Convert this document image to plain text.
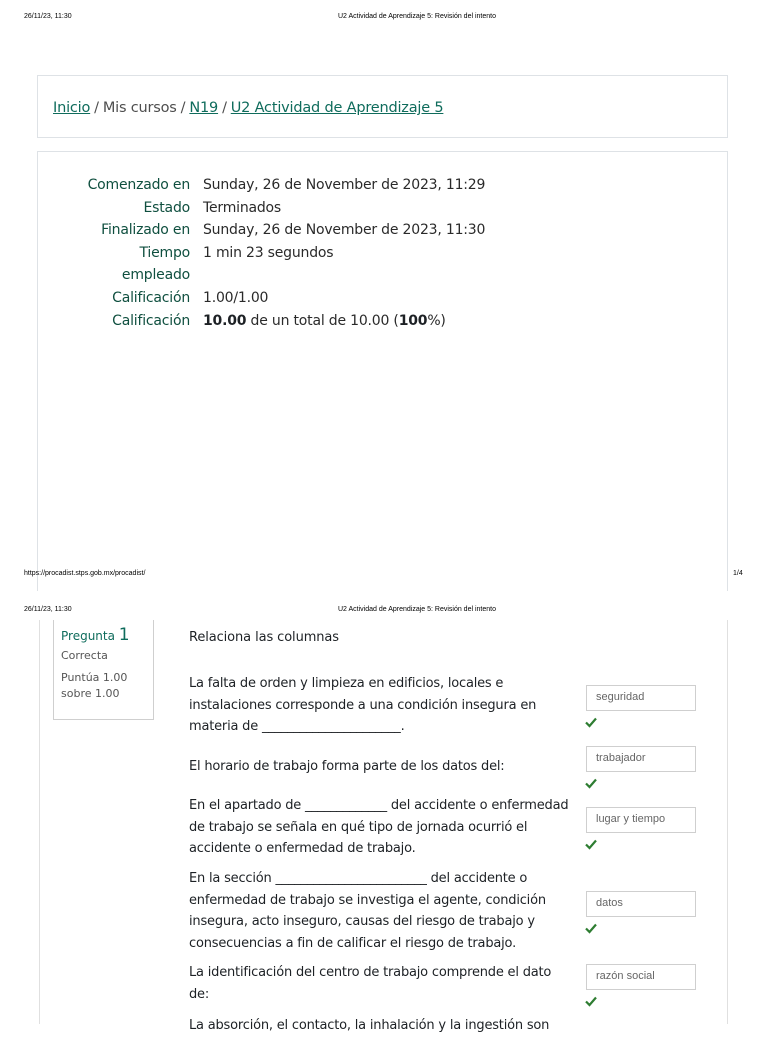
26/11/23, 11:30	U2 Actividad de Aprendizaje 5: Revisión del intento
Inicio / Mis cursos / N19 / U2 Actividad de Aprendizaje 5
Comenzado en Sunday, 26 de November de 2023, 11:29
Estado Terminados
Finalizado en Sunday, 26 de November de 2023, 11:30
Tiempo
empleado
1 min 23 segundos
Calificación 1.00/1.00
Calificación 10.00 de un total de 10.00 (100%)
https://procadist.stps.gob.mx/procadist/	1/4
26/11/23, 11:30	U2 Actividad de Aprendizaje 5: Revisión del intento
Pregunta 1
Correcta
Puntúa 1.00 sobre 1.00
Relaciona las columnas
La falta de orden y limpieza en edificios, locales e instalaciones corresponde a una condición insegura en materia de ______________________.
seguridad
El horario de trabajo forma parte de los datos del:
trabajador
En el apartado de _____________ del accidente o enfermedad de trabajo se señala en qué tipo de jornada ocurrió el accidente o enfermedad de trabajo.
lugar y tiempo
En la sección ________________________ del accidente o enfermedad de trabajo se investiga el agente, condición insegura, acto inseguro, causas del riesgo de trabajo y consecuencias a fin de calificar el riesgo de trabajo.
datos
La identificación del centro de trabajo comprende el dato de:
razón social
La absorción, el contacto, la inhalación y la ingestión son
